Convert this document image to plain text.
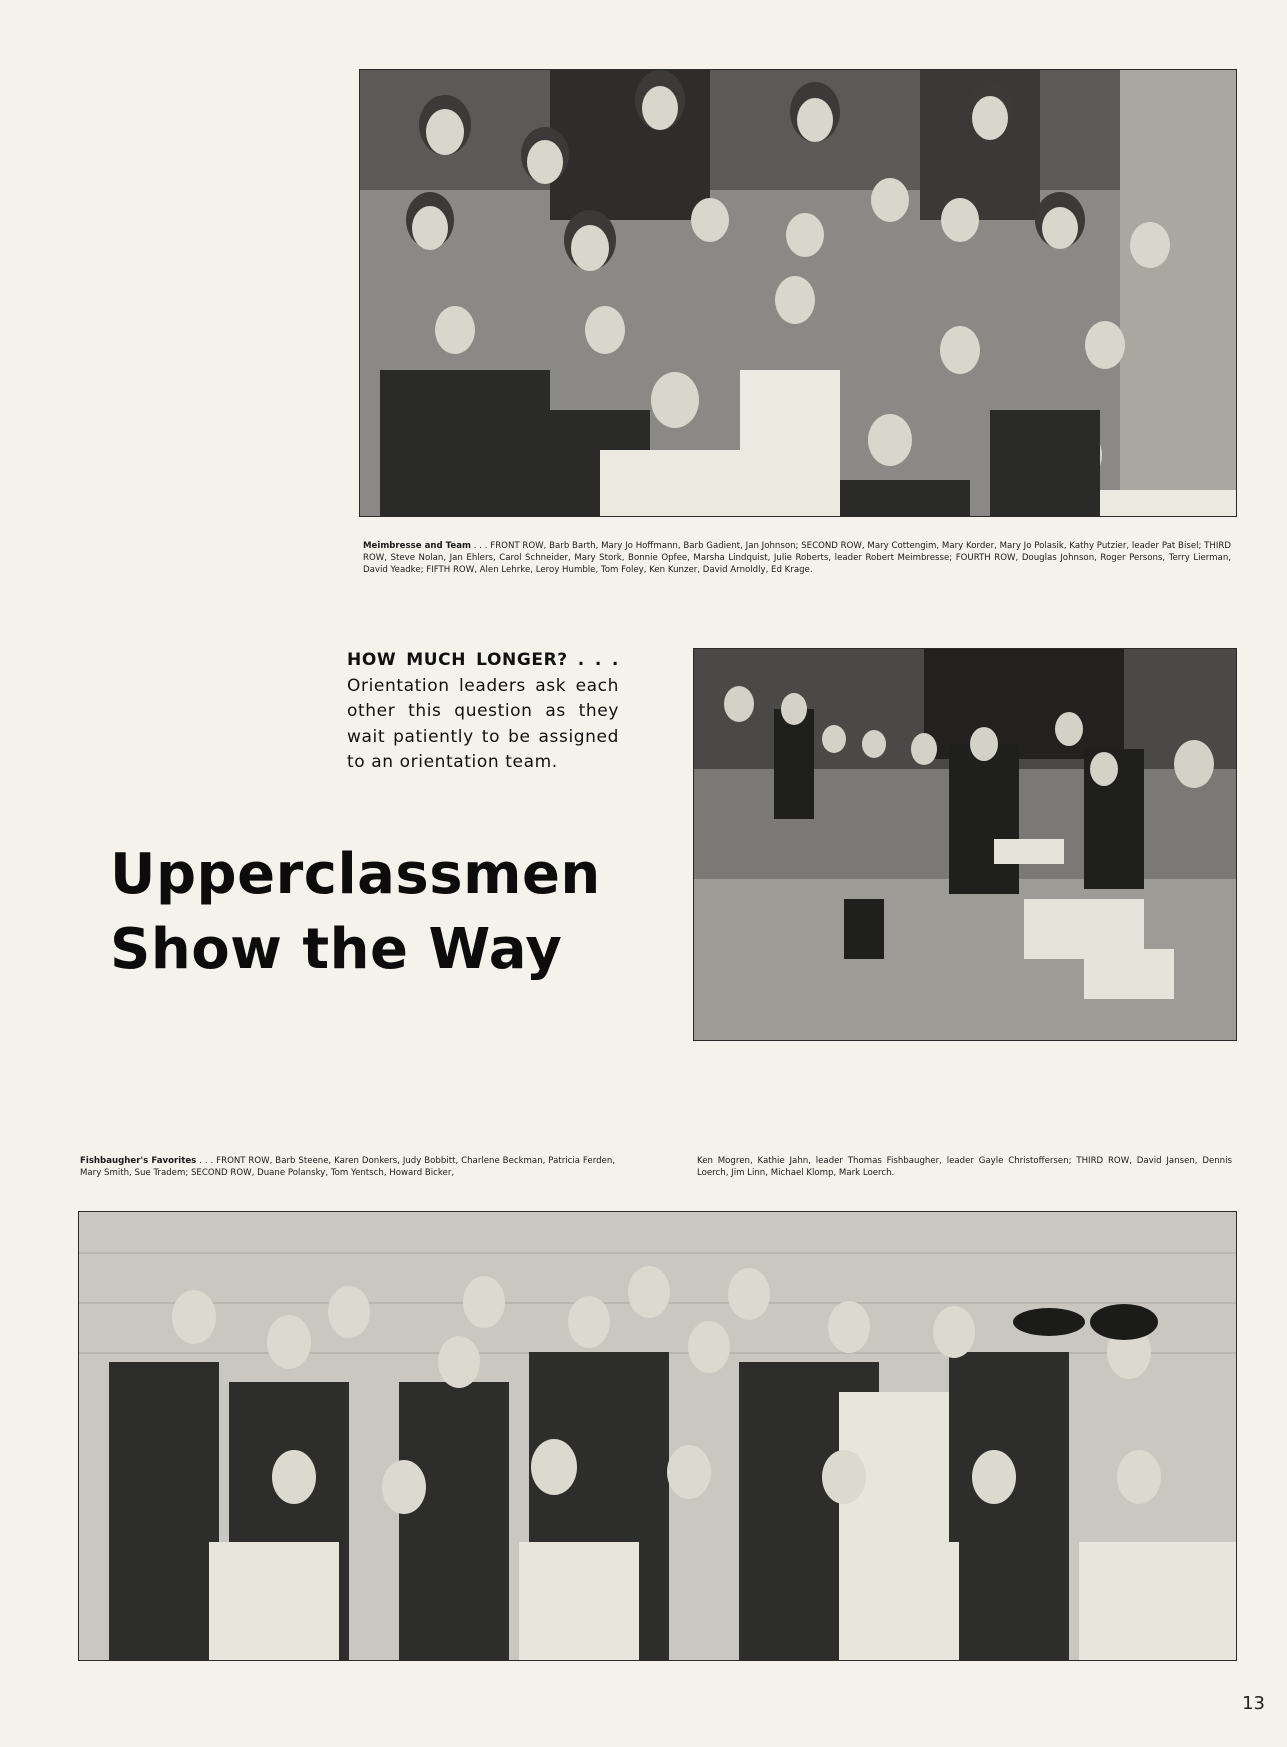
Meimbresse and Team . . . FRONT ROW, Barb Barth, Mary Jo Hoffmann, Barb Gadient, Jan Johnson; SECOND ROW, Mary Cottengim, Mary Korder, Mary Jo Polasik, Kathy Putzier, leader Pat Bisel; THIRD ROW, Steve Nolan, Jan Ehlers, Carol Schneider, Mary Stork, Bonnie Opfee, Marsha Lindquist, Julie Roberts, leader Robert Meimbresse; FOURTH ROW, Douglas Johnson, Roger Persons, Terry Lierman, David Yeadke; FIFTH ROW, Alen Lehrke, Leroy Humble, Tom Foley, Ken Kunzer, David Arnoldly, Ed Krage.
HOW MUCH LONGER? . . . Orientation leaders ask each other this question as they wait patiently to be assigned to an orientation team.
Upperclassmen
Show the Way
Fishbaugher's Favorites . . . FRONT ROW, Barb Steene, Karen Donkers, Judy Bobbitt, Charlene Beckman, Patricia Ferden, Mary Smith, Sue Tradem; SECOND ROW, Duane Polansky, Tom Yentsch, Howard Bicker,
Ken Mogren, Kathie Jahn, leader Thomas Fishbaugher, leader Gayle Christoffersen; THIRD ROW, David Jansen, Dennis Loerch, Jim Linn, Michael Klomp, Mark Loerch.
13
